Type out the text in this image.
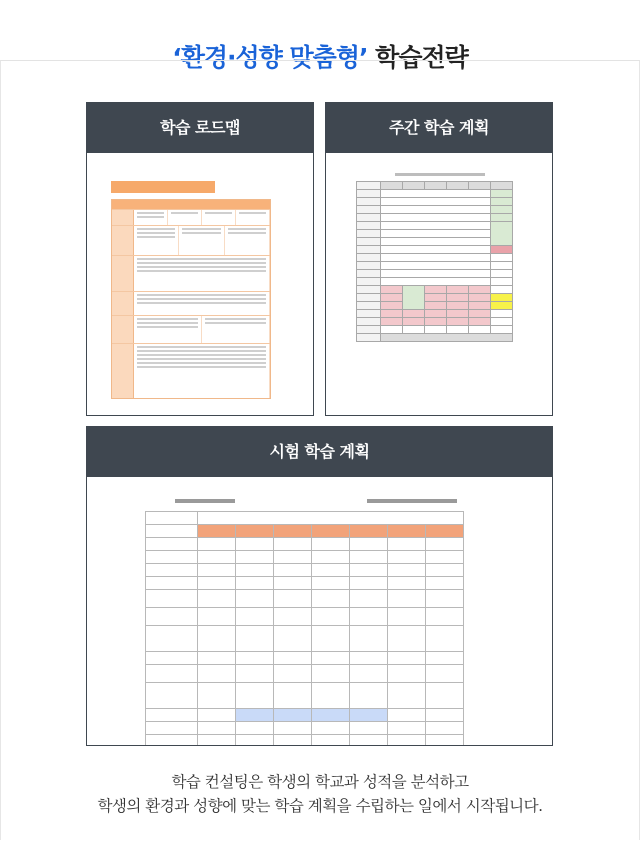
‘환경·성향 맞춤형’ 학습전략
학습 로드맵	주간 학습 계획

시험 학습 계획

학습 컨설팅은 학생의 학교과 성적을 분석하고
학생의 환경과 성향에 맞는 학습 계획을 수립하는 일에서 시작됩니다.
